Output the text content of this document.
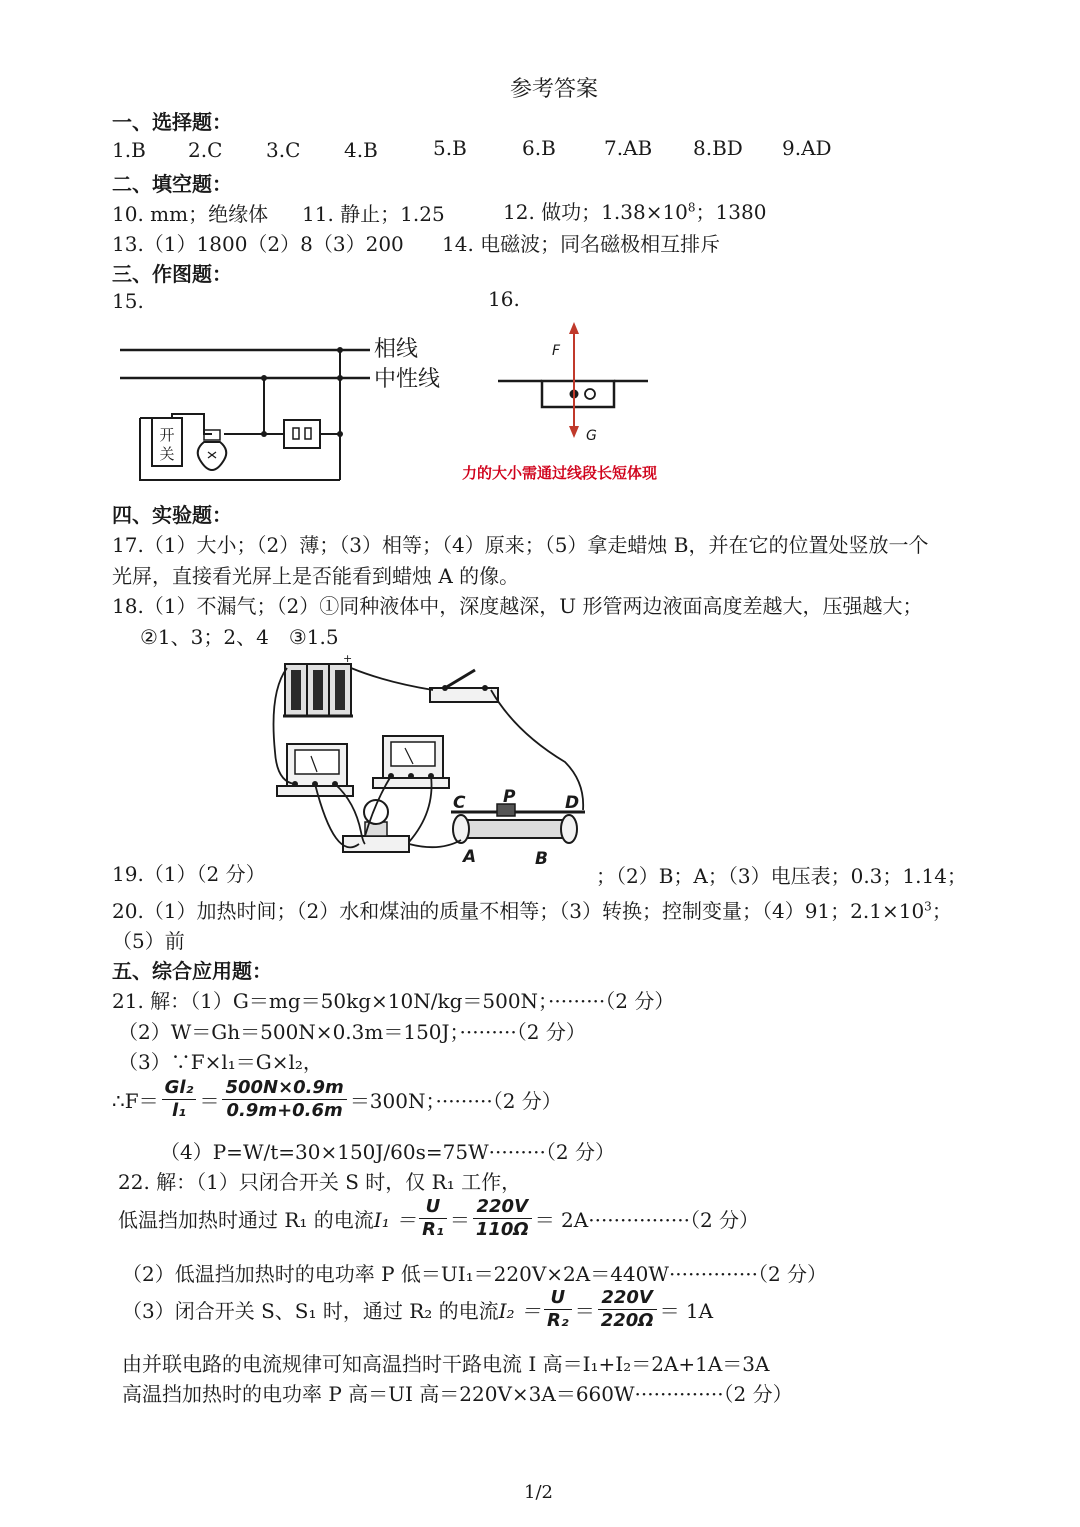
参考答案
一、选择题：
1.B 2.C 3.C 4.B	5.B	6.B 7.AB 8.BD 9.AD
二、填空题：
10. mm；绝缘体 11. 静止；1.25	12. 做功；$1.38\times 10^8$；1380
13.（1）1800（2）8（3）200 14. 电磁波；同名磁极相互排斥
三、作图题：
15.	16.
开
关
相线
中性线
F
G
力的大小需通过线段长短体现
四、实验题：
17.（1）大小；（2）薄；（3）相等；（4）原来；（5）拿走蜡烛 B，并在它的位置处竖放一个
光屏，直接看光屏上是否能看到蜡烛 A 的像。
18.（1）不漏气；（2）①同种液体中，深度越深，U 形管两边液面高度差越大，压强越大；
②1、3；2、4　③1.5
+
C P	D
A	B
19.（1）（2 分）	；（2）B；A；（3）电压表；0.3；1.14；
20.（1）加热时间；（2）水和煤油的质量不相等；（3）转换；控制变量；（4）91；$2.1\times 10^3$；
（5）前
五、综合应用题：
21. 解：（1）G＝mg＝50kg×10N/kg＝500N；·········（2 分）
（2）W＝Gh＝500N×0.3m＝150J；·········（2 分）
（3）∵F×l₁＝G×l₂，
∴F＝ $\frac{\text{Gl₂}}{\text{l₁}} = \frac{500N\times 0.9m}{0.9m+0.6m} =300N$；·········（2 分）
（4）P=W/t=30×150J/60s=75W·········（2 分）
22. 解：（1）只闭合开关 S 时，仅 R₁ 工作，
低温挡加热时通过 R₁ 的电流$I_1 = \frac{U}{\text{R₁}} = \frac{220V}{110\Omega} = 2A\cdot\cdot\cdot\cdot\cdot\cdot\cdot\cdot\cdot\cdot\cdot\cdot\cdot\cdot\cdot\cdot(2$ 分）
（2）低温挡加热时的电功率 P 低＝UI₁＝220V×2A＝440W··············（2 分）
（3）闭合开关 S、S₁ 时，通过 R₂ 的电流$I_2 = \frac{U}{\text{R₂}} = \frac{220V}{220\Omega} = 1A$
由并联电路的电流规律可知高温挡时干路电流 I 高＝I₁+I₂＝2A+1A＝3A
高温挡加热时的电功率 P 高＝UI 高＝220V×3A＝660W··············（2 分）
1/2
